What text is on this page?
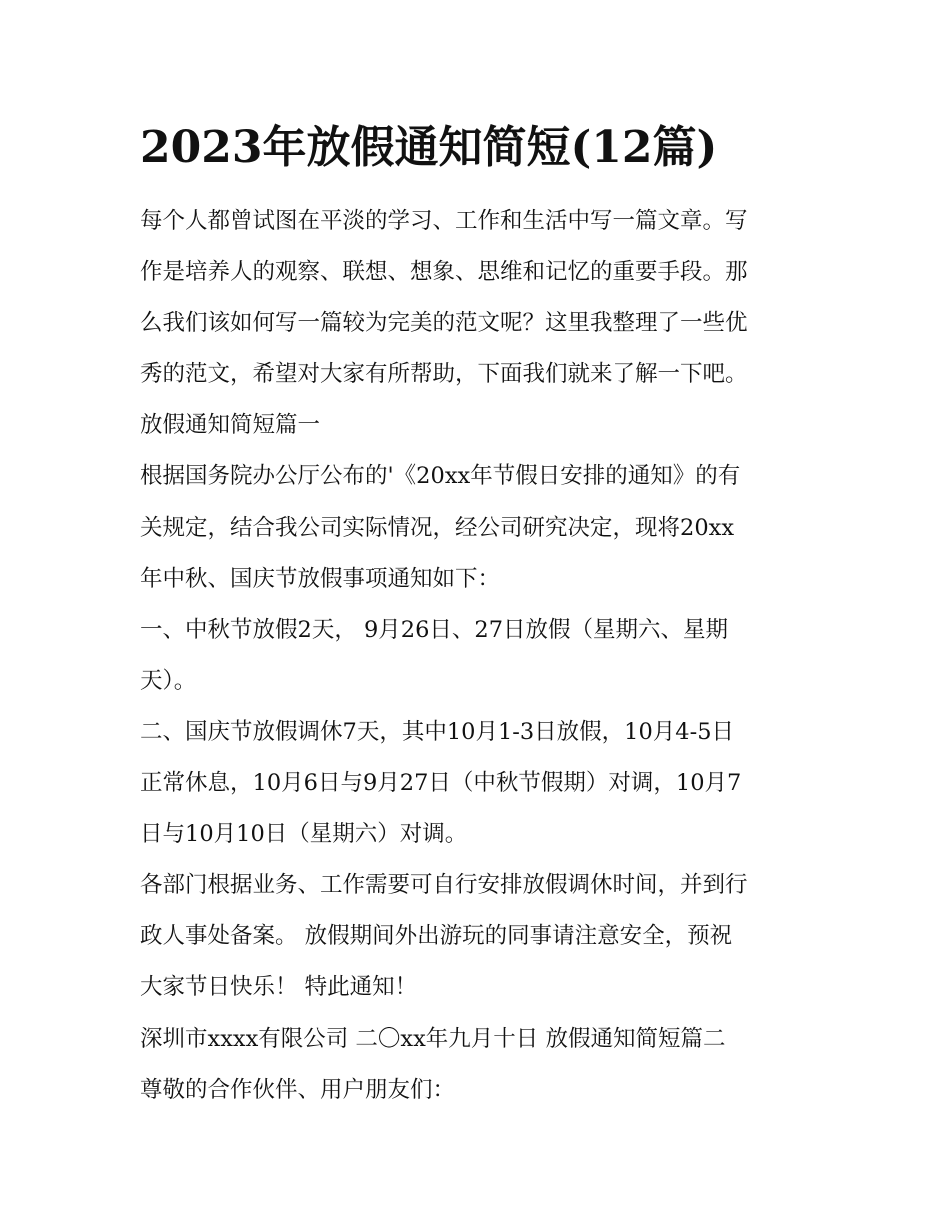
2023年放假通知简短(12篇)

每个人都曾试图在平淡的学习、工作和生活中写一篇文章。写

作是培养人的观察、联想、想象、思维和记忆的重要手段。那

么我们该如何写一篇较为完美的范文呢？这里我整理了一些优

秀的范文，希望对大家有所帮助，下面我们就来了解一下吧。

放假通知简短篇一

根据国务院办公厅公布的'《20xx年节假日安排的通知》的有

关规定，结合我公司实际情况，经公司研究决定，现将20xx

年中秋、国庆节放假事项通知如下：

一、中秋节放假2天， 9月26日、27日放假（星期六、星期

天）。

二、国庆节放假调休7天，其中10月1-3日放假，10月4-5日

正常休息，10月6日与9月27日（中秋节假期）对调，10月7

日与10月10日（星期六）对调。

各部门根据业务、工作需要可自行安排放假调休时间，并到行

政人事处备案。 放假期间外出游玩的同事请注意安全，预祝

大家节日快乐！ 特此通知！

深圳市xxxx有限公司 二〇xx年九月十日 放假通知简短篇二

尊敬的合作伙伴、用户朋友们：
